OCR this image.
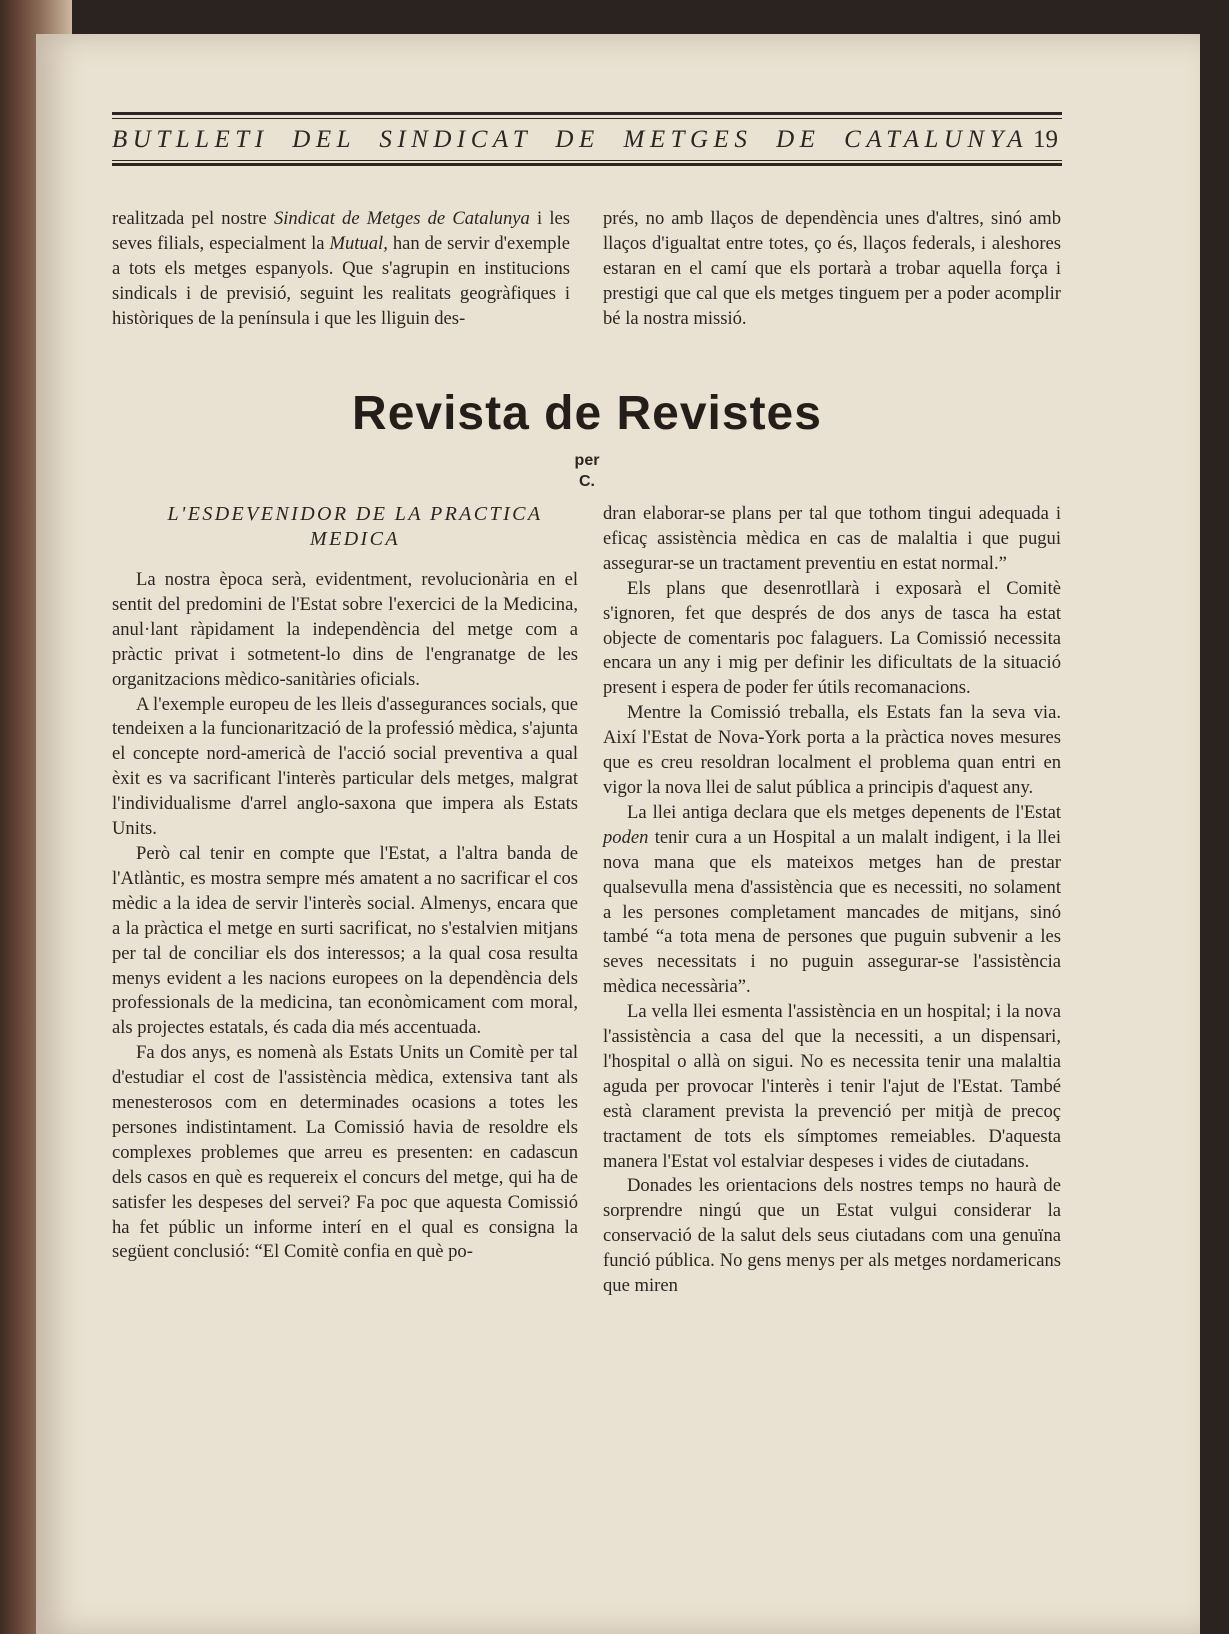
BUTLLETI DEL SINDICAT DE METGES DE CATALUNYA 19
realitzada pel nostre Sindicat de Metges de Catalunya i les seves filials, especialment la Mutual, han de servir d'exemple a tots els metges espanyols. Que s'agrupin en institucions sindicals i de previsió, seguint les realitats geogràfiques i històriques de la península i que les lliguin des-
prés, no amb llaços de dependència unes d'altres, sinó amb llaços d'igualtat entre totes, ço és, llaços federals, i aleshores estaran en el camí que els portarà a trobar aquella força i prestigi que cal que els metges tinguem per a poder acomplir bé la nostra missió.
Revista de Revistes
per
C.
L'ESDEVENIDOR DE LA PRACTICA MEDICA

La nostra època serà, evidentment, revolucionària en el sentit del predomini de l'Estat sobre l'exercici de la Medicina, anul·lant ràpidament la independència del metge com a pràctic privat i sotmetent-lo dins de l'engranatge de les organitzacions mèdico-sanitàries oficials.

A l'exemple europeu de les lleis d'assegurances socials, que tendeixen a la funcionarització de la professió mèdica, s'ajunta el concepte nord-americà de l'acció social preventiva a qual èxit es va sacrificant l'interès particular dels metges, malgrat l'individualisme d'arrel anglo-saxona que impera als Estats Units.

Però cal tenir en compte que l'Estat, a l'altra banda de l'Atlàntic, es mostra sempre més amatent a no sacrificar el cos mèdic a la idea de servir l'interès social. Almenys, encara que a la pràctica el metge en surti sacrificat, no s'estalvien mitjans per tal de conciliar els dos interessos; a la qual cosa resulta menys evident a les nacions europees on la dependència dels professionals de la medicina, tan econòmicament com moral, als projectes estatals, és cada dia més accentuada.

Fa dos anys, es nomenà als Estats Units un Comitè per tal d'estudiar el cost de l'assistència mèdica, extensiva tant als menesterosos com en determinades ocasions a totes les persones indistintament. La Comissió havia de resoldre els complexes problemes que arreu es presenten: en cadascun dels casos en què es requereix el concurs del metge, qui ha de satisfer les despeses del servei? Fa poc que aquesta Comissió ha fet públic un informe interí en el qual es consigna la següent conclusió: “El Comitè confia en què po-

dran elaborar-se plans per tal que tothom tingui adequada i eficaç assistència mèdica en cas de malaltia i que pugui assegurar-se un tractament preventiu en estat normal.”

Els plans que desenrotllarà i exposarà el Comitè s'ignoren, fet que després de dos anys de tasca ha estat objecte de comentaris poc falaguers. La Comissió necessita encara un any i mig per definir les dificultats de la situació present i espera de poder fer útils recomanacions.

Mentre la Comissió treballa, els Estats fan la seva via. Així l'Estat de Nova-York porta a la pràctica noves mesures que es creu resoldran localment el problema quan entri en vigor la nova llei de salut pública a principis d'aquest any.

La llei antiga declara que els metges depenents de l'Estat poden tenir cura a un Hospital a un malalt indigent, i la llei nova mana que els mateixos metges han de prestar qualsevulla mena d'assistència que es necessiti, no solament a les persones completament mancades de mitjans, sinó també “a tota mena de persones que puguin subvenir a les seves necessitats i no puguin assegurar-se l'assistència mèdica necessària”.

La vella llei esmenta l'assistència en un hospital; i la nova l'assistència a casa del que la necessiti, a un dispensari, l'hospital o allà on sigui. No es necessita tenir una malaltia aguda per provocar l'interès i tenir l'ajut de l'Estat. També està clarament prevista la prevenció per mitjà de precoç tractament de tots els símptomes remeiables. D'aquesta manera l'Estat vol estalviar despeses i vides de ciutadans.

Donades les orientacions dels nostres temps no haurà de sorprendre ningú que un Estat vulgui considerar la conservació de la salut dels seus ciutadans com una genuïna funció pública. No gens menys per als metges nordamericans que miren
